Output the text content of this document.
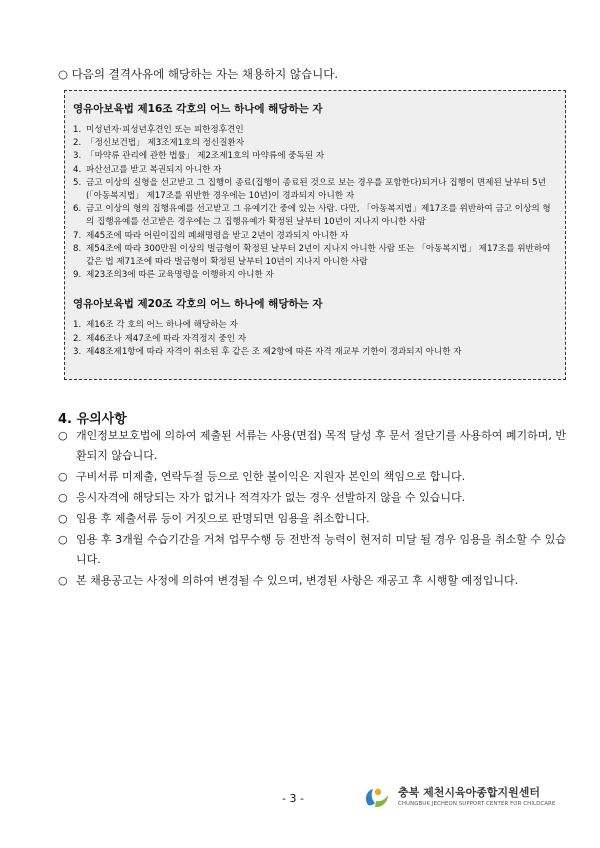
○ 다음의 결격사유에 해당하는 자는 채용하지 않습니다.
영유아보육법 제16조 각호의 어느 하나에 해당하는 자
1. 미성년자·피성년후견인 또는 피한정후견인
2. 「정신보건법」 제3조제1호의 정신질환자
3. 「마약류 관리에 관한 법률」 제2조제1호의 마약류에 중독된 자
4. 파산선고를 받고 복권되지 아니한 자
5. 금고 이상의 실형을 선고받고 그 집행이 종료(집행이 종료된 것으로 보는 경우를 포함한다)되거나 집행이 면제된 날부터 5년(「아동복지법」 제17조를 위반한 경우에는 10년)이 경과되지 아니한 자
6. 금고 이상의 형의 집행유예를 선고받고 그 유예기간 중에 있는 사람. 다만, 「아동복지법」제17조를 위반하여 금고 이상의 형의 집행유예를 선고받은 경우에는 그 집행유예가 확정된 날부터 10년이 지나지 아니한 사람
7. 제45조에 따라 어린이집의 폐쇄명령을 받고 2년이 경과되지 아니한 자
8. 제54조에 따라 300만원 이상의 벌금형이 확정된 날부터 2년이 지나지 아니한 사람 또는 「아동복지법」 제17조를 위반하여 같은 법 제71조에 따라 벌금형이 확정된 날부터 10년이 지나지 아니한 사람
9. 제23조의3에 따른 교육명령을 이행하지 아니한 자
영유아보육법 제20조 각호의 어느 하나에 해당하는 자
1. 제16조 각 호의 어느 하나에 해당하는 자
2. 제46조나 제47조에 따라 자격정지 중인 자
3. 제48조제1항에 따라 자격이 취소된 후 같은 조 제2항에 따른 자격 재교부 기한이 경과되지 아니한 자
4. 유의사항
○ 개인정보보호법에 의하여 제출된 서류는 사용(면접) 목적 달성 후 문서 절단기를 사용하여 폐기하며, 반환되지 않습니다.
○ 구비서류 미제출, 연락두절 등으로 인한 불이익은 지원자 본인의 책임으로 합니다.
○ 응시자격에 해당되는 자가 없거나 적격자가 없는 경우 선발하지 않을 수 있습니다.
○ 임용 후 제출서류 등이 거짓으로 판명되면 임용을 취소합니다.
○ 임용 후 3개월 수습기간을 거쳐 업무수행 등 전반적 능력이 현저히 미달 될 경우 임용을 취소할 수 있습니다.
○ 본 채용공고는 사정에 의하여 변경될 수 있으며, 변경된 사항은 재공고 후 시행할 예정입니다.
- 3 -	충북 제천시육아종합지원센터
CHUNGBUK JECHEON SUPPORT CENTER FOR CHILDCARE
